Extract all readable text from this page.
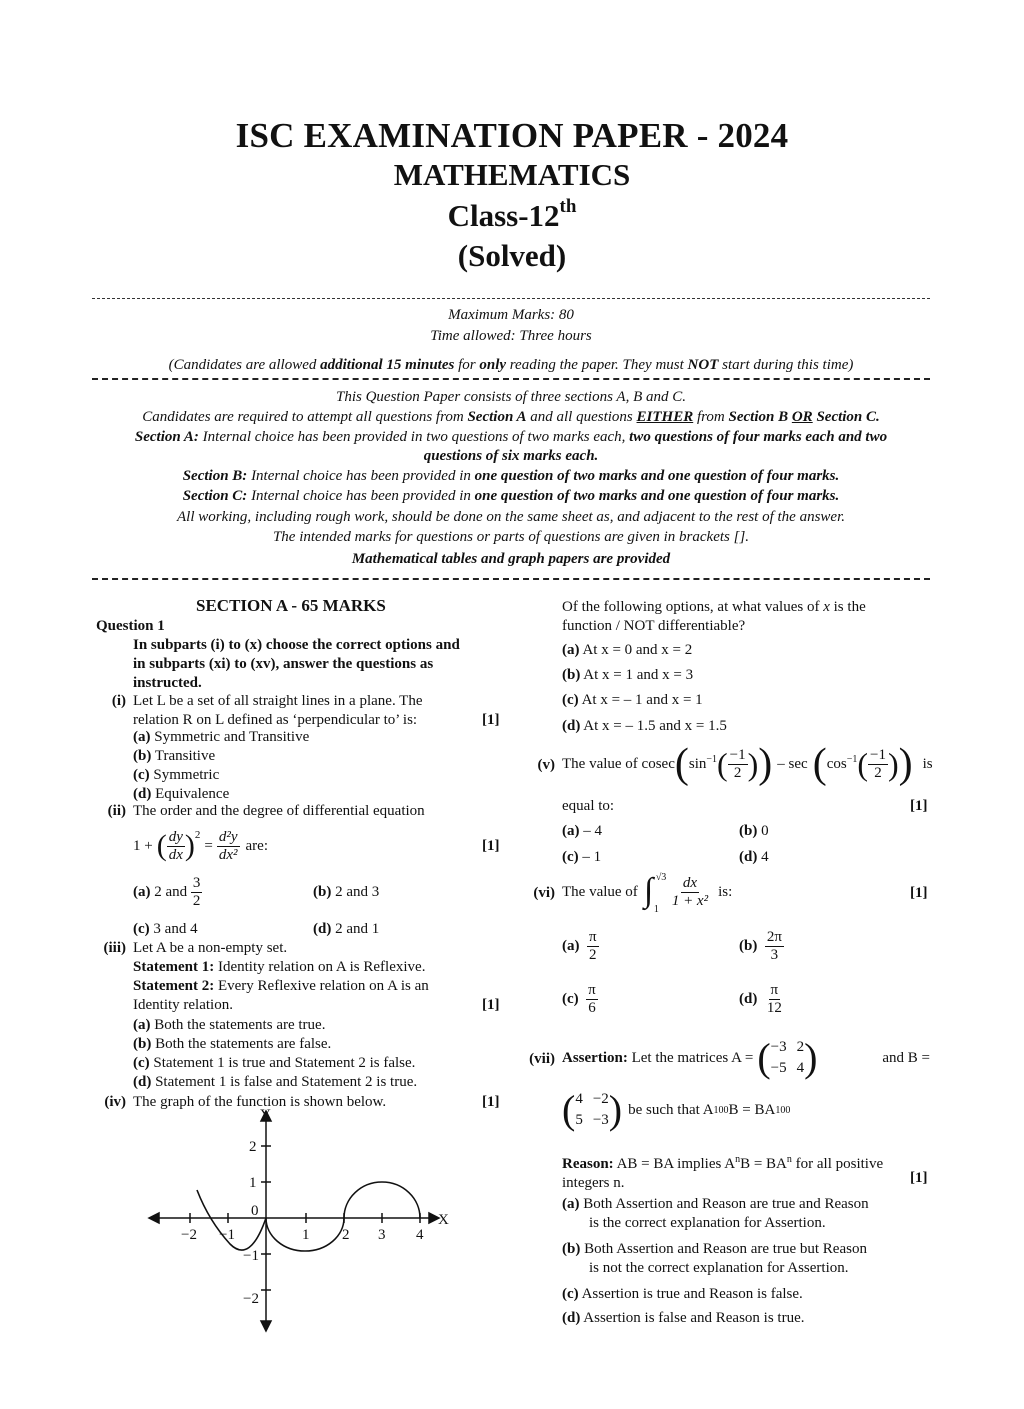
ISC EXAMINATION PAPER - 2024
MATHEMATICS
Class-12th
(Solved)
Maximum Marks: 80
Time allowed: Three hours
(Candidates are allowed additional 15 minutes for only reading the paper. They must NOT start during this time)
This Question Paper consists of three sections A, B and C.
Candidates are required to attempt all questions from Section A and all questions EITHER from Section B OR Section C.
Section A: Internal choice has been provided in two questions of two marks each, two questions of four marks each and two
questions of six marks each.
Section B: Internal choice has been provided in one question of two marks and one question of four marks.
Section C: Internal choice has been provided in one question of two marks and one question of four marks.
All working, including rough work, should be done on the same sheet as, and adjacent to the rest of the answer.
The intended marks for questions or parts of questions are given in brackets [].
Mathematical tables and graph papers are provided
SECTION A - 65 MARKS
Question 1
In subparts (i) to (x) choose the correct options and
in subparts (xi) to (xv), answer the questions as
instructed.
(i) Let L be a set of all straight lines in a plane. The
relation R on L defined as ‘perpendicular to’ is:	[1]
(a) Symmetric and Transitive
(b) Transitive
(c) Symmetric
(d) Equivalence
(ii) The order and the degree of differential equation
1 + ( $\frac{dy}{dx} )^2$
= $\frac{\text{d²y}}{\text{dx²}}$ are:	[1]
(a)
2 and
$\frac{3}{2}$	(b) 2 and 3
(c) 3 and 4	(d) 2 and 1
(iii) Let A be a non-empty set.
Statement 1: Identity relation on A is Reflexive.
Statement 2: Every Reflexive relation on A is an
Identity relation.	[1]
(a) Both the statements are true.
(b) Both the statements are false.
(c) Statement 1 is true and Statement 2 is false.
(d) Statement 1 is false and Statement 2 is true.
(iv) The graph of the function is shown below.	[1]
X
Y
−2 −1	1 2 3 4
2
1
−1
−2
0
Of the following options, at what values of x is the
function / NOT differentiable?
(a) At x = 0 and x = 2
(b) At x = 1 and x = 3
(c) At x = – 1 and x = 1
(d) At x = – 1.5 and x = 1.5
(v) The value of cosec ( $\sin^{-1}$ ( $\frac{-1}{2}$ ) ) – sec ( $\cos^{-1}$ ( $\frac{-1}{2}$ ) ) is
equal to:	[1]
(a) – 4	(b) 0
(c) – 1	(d) 4
(vi) The value of ∫ √3
$1 \frac{dx}{\text{1 + x²}}$ is:	[1]
(a)
$\frac{\pi}{2}$	(b)
$\frac{2\pi}{3}$
(c)
$\frac{\pi}{6}$	(d)
$\frac{\pi}{12}$
(vii) Assertion: Let the matrices A = ( −3 2
−5 4 )	and B =
( 4 −2
5 −3 ) be such that A 100 B = BA 100
Reason: AB = BA implies $A^nB = BA^n$ for all positive
integers n.	[1]
(a) Both Assertion and Reason are true and Reason
is the correct explanation for Assertion.
(b) Both Assertion and Reason are true but Reason
is not the correct explanation for Assertion.
(c) Assertion is true and Reason is false.
(d) Assertion is false and Reason is true.
